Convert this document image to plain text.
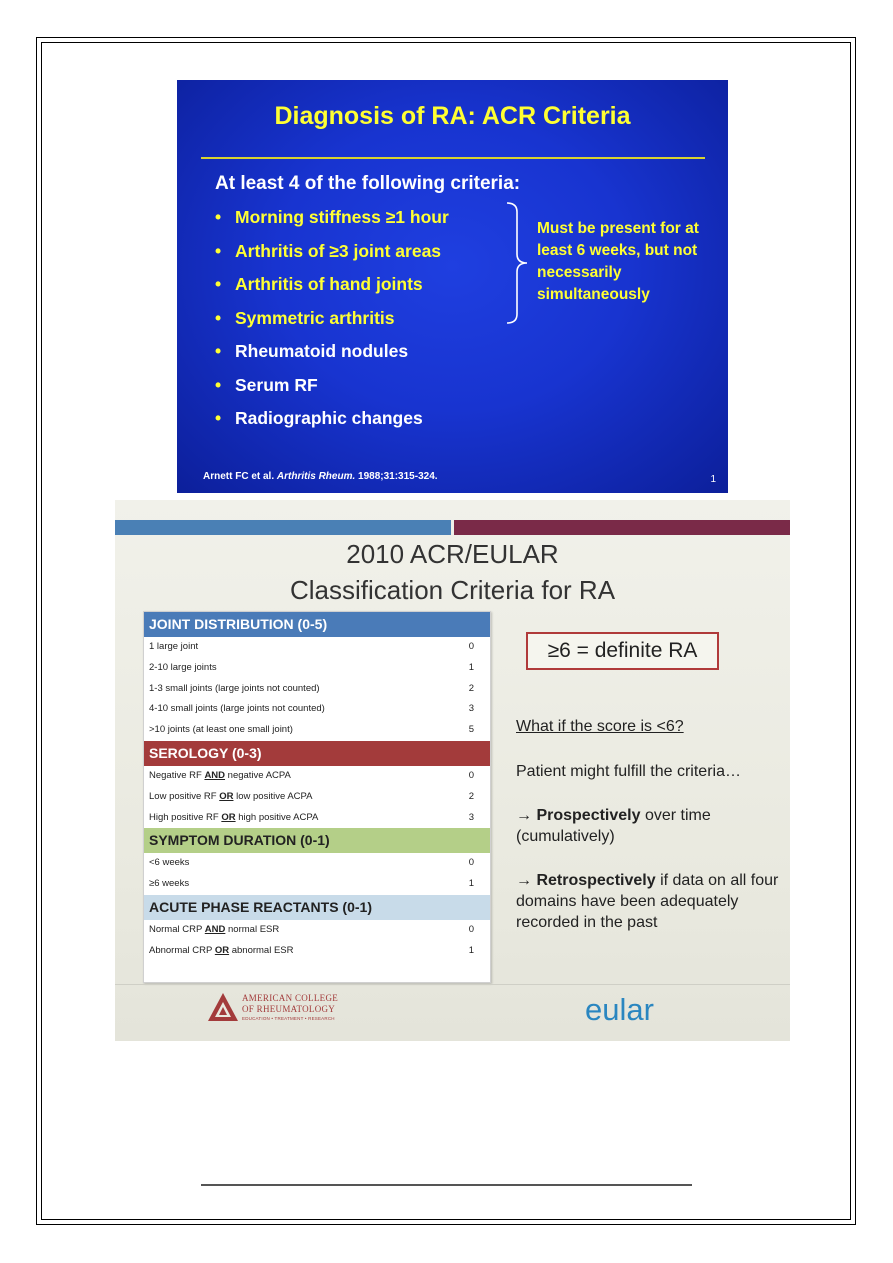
Diagnosis of RA: ACR Criteria
At least 4 of the following criteria:
• Morning stiffness ≥1 hour
• Arthritis of ≥3 joint areas
• Arthritis of hand joints
• Symmetric arthritis
• Rheumatoid nodules
• Serum RF
• Radiographic changes
Must be present for at least 6 weeks, but not necessarily simultaneously
Arnett FC et al. Arthritis Rheum. 1988;31:315-324.	1
2010 ACR/EULAR
Classification Criteria for RA
JOINT DISTRIBUTION (0-5)
1 large joint	0
2-10 large joints	1
1-3 small joints (large joints not counted)	2
4-10 small joints (large joints not counted)	3
>10 joints (at least one small joint)	5
SEROLOGY (0-3)
Negative RF AND negative ACPA	0
Low positive RF OR low positive ACPA	2
High positive RF OR high positive ACPA	3
SYMPTOM DURATION (0-1)
<6 weeks	0
≥6 weeks	1
ACUTE PHASE REACTANTS (0-1)
Normal CRP AND normal ESR	0
Abnormal CRP OR abnormal ESR	1
≥6 = definite RA
What if the score is <6?
Patient might fulfill the criteria…
→ Prospectively over time (cumulatively)
→ Retrospectively if data on all four domains have been adequately recorded in the past
AMERICAN COLLEGE
OF RHEUMATOLOGY
EDUCATION • TREATMENT • RESEARCH	eular
